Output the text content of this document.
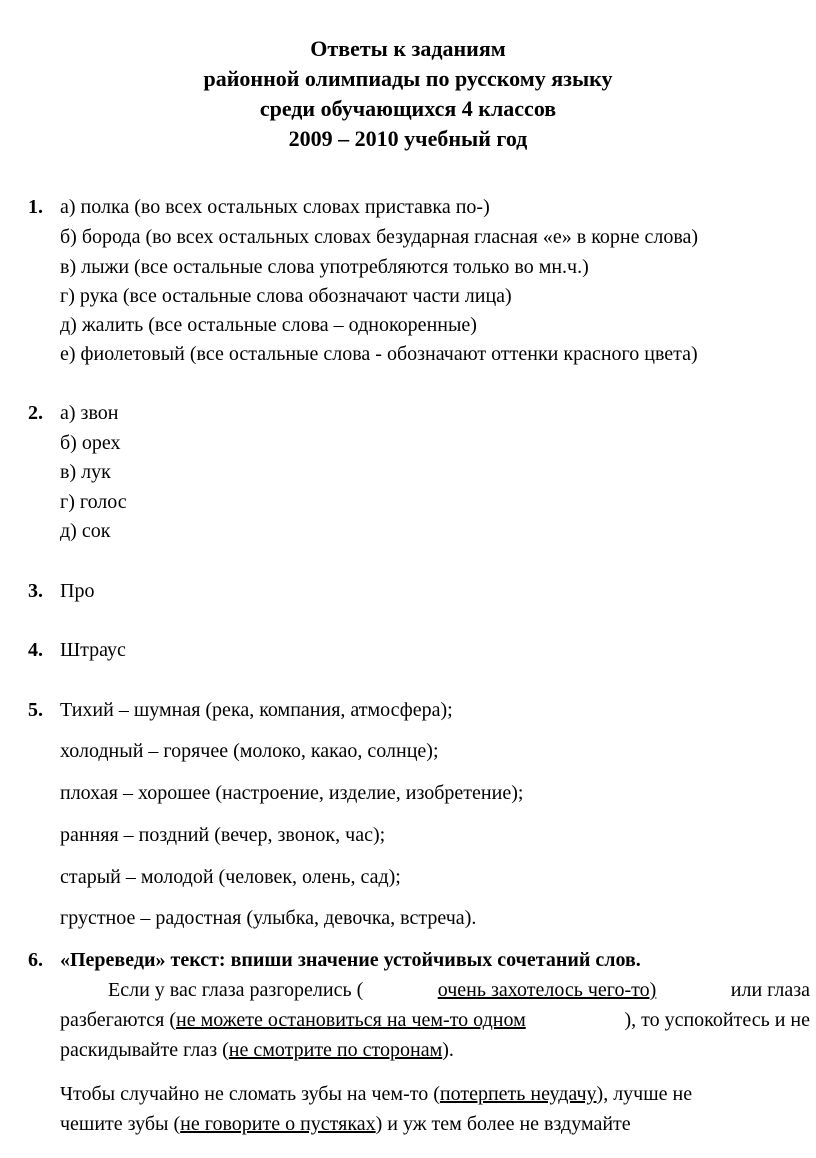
Ответы к заданиям
районной олимпиады по русскому языку
среди обучающихся 4 классов
2009 – 2010 учебный год
1. а) полка (во всех остальных словах приставка по-)
б) борода (во всех остальных словах безударная гласная «е» в корне слова)
в) лыжи (все остальные слова употребляются только во мн.ч.)
г) рука (все остальные слова обозначают части лица)
д) жалить (все остальные слова – однокоренные)
е) фиолетовый (все остальные слова - обозначают оттенки красного цвета)
2. а) звон
б) орех
в) лук
г) голос
д) сок
3. Про
4. Штраус
5. Тихий – шумная (река, компания, атмосфера);
холодный – горячее (молоко, какао, солнце);
плохая – хорошее (настроение, изделие, изобретение);
ранняя – поздний (вечер, звонок, час);
старый – молодой (человек, олень, сад);
грустное – радостная (улыбка, девочка, встреча).
6. «Переведи» текст: впиши значение устойчивых сочетаний слов.
Если у вас глаза разгорелись (	очень захотелось чего-то)	или глаза
разбегаются (не можете остановиться на чем-то одном	), то успокойтесь и не
раскидывайте глаз (не смотрите по сторонам).
Чтобы случайно не сломать зубы на чем-то (потерпеть неудачу), лучше не
чешите зубы (не говорите о пустяках) и уж тем более не вздумайте
